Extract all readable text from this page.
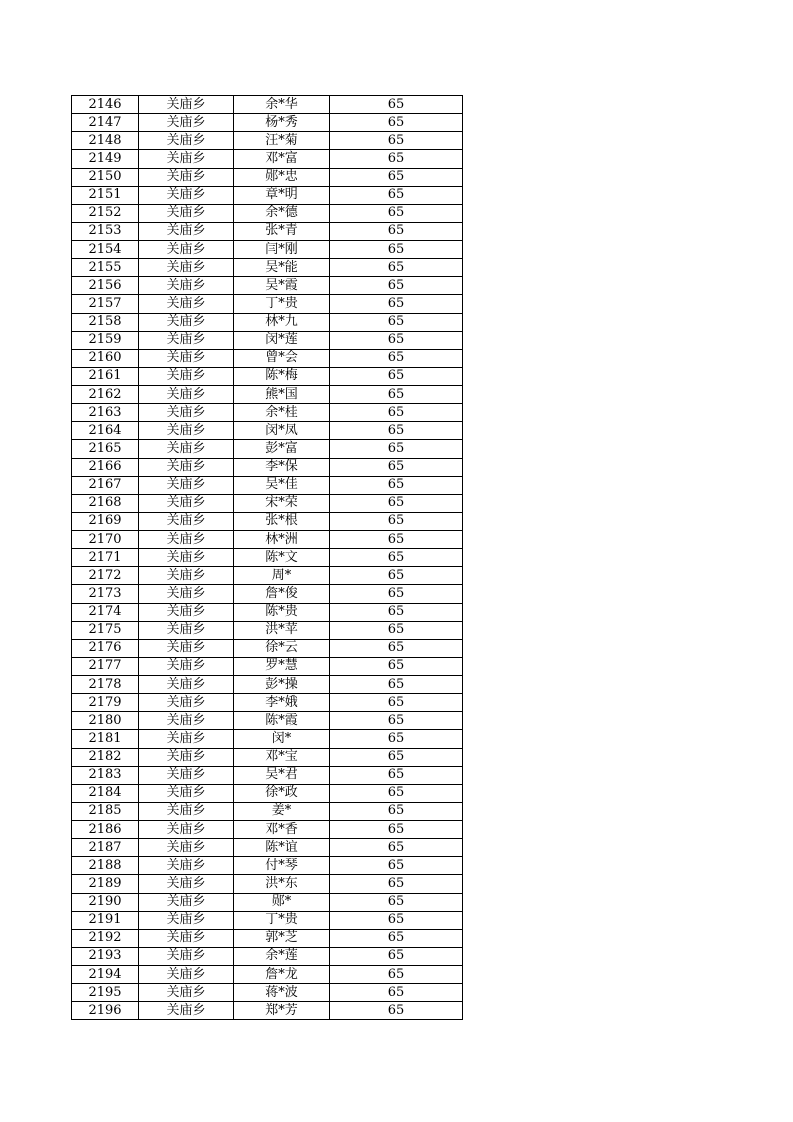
2146	关庙乡	余*华	65
2147	关庙乡	杨*秀	65
2148	关庙乡	汪*菊	65
2149	关庙乡	邓*富	65
2150	关庙乡	郧*忠	65
2151	关庙乡	章*明	65
2152	关庙乡	余*德	65
2153	关庙乡	张*青	65
2154	关庙乡	闫*刚	65
2155	关庙乡	吴*能	65
2156	关庙乡	吴*霞	65
2157	关庙乡	丁*贵	65
2158	关庙乡	林*九	65
2159	关庙乡	闵*莲	65
2160	关庙乡	曾*会	65
2161	关庙乡	陈*梅	65
2162	关庙乡	熊*国	65
2163	关庙乡	余*桂	65
2164	关庙乡	闵*凤	65
2165	关庙乡	彭*富	65
2166	关庙乡	李*保	65
2167	关庙乡	吴*佳	65
2168	关庙乡	宋*荣	65
2169	关庙乡	张*根	65
2170	关庙乡	林*洲	65
2171	关庙乡	陈*文	65
2172	关庙乡	周*	65
2173	关庙乡	詹*俊	65
2174	关庙乡	陈*贵	65
2175	关庙乡	洪*苹	65
2176	关庙乡	徐*云	65
2177	关庙乡	罗*慧	65
2178	关庙乡	彭*操	65
2179	关庙乡	李*娥	65
2180	关庙乡	陈*霞	65
2181	关庙乡	闵*	65
2182	关庙乡	邓*宝	65
2183	关庙乡	吴*君	65
2184	关庙乡	徐*政	65
2185	关庙乡	姜*	65
2186	关庙乡	邓*香	65
2187	关庙乡	陈*谊	65
2188	关庙乡	付*琴	65
2189	关庙乡	洪*东	65
2190	关庙乡	郧*	65
2191	关庙乡	丁*贵	65
2192	关庙乡	郭*芝	65
2193	关庙乡	余*莲	65
2194	关庙乡	詹*龙	65
2195	关庙乡	蒋*波	65
2196	关庙乡	郑*芳	65
